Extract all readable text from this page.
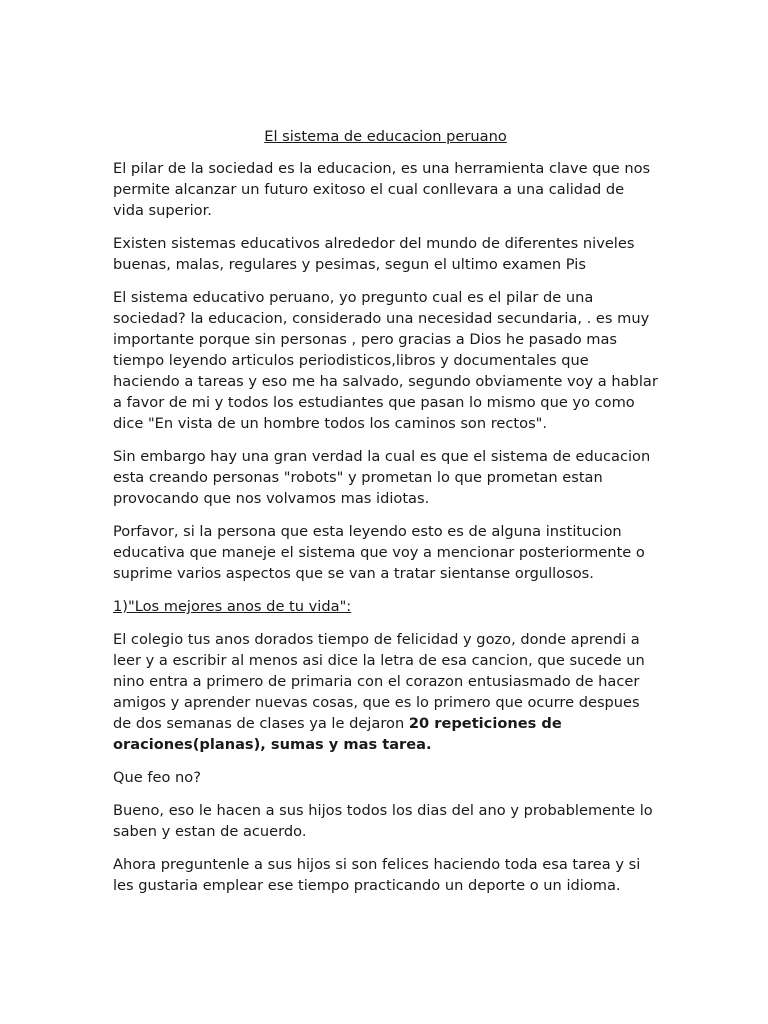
El sistema de educacion peruano

El pilar de la sociedad es la educacion, es una herramienta clave que nos permite alcanzar un futuro exitoso el cual conllevara a una calidad de vida superior.

Existen sistemas educativos alrededor del mundo de diferentes niveles buenas, malas, regulares y pesimas, segun el ultimo examen Pis

El sistema educativo peruano, yo pregunto cual es el pilar de una sociedad? la educacion, considerado una necesidad secundaria, . es muy importante porque sin personas , pero gracias a Dios he pasado mas tiempo leyendo articulos periodisticos,libros y documentales que haciendo a tareas y eso me ha salvado, segundo obviamente voy a hablar a favor de mi y todos los estudiantes que pasan lo mismo que yo como dice "En vista de un hombre todos los caminos son rectos".

Sin embargo hay una gran verdad la cual es que el sistema de educacion esta creando personas "robots" y prometan lo que prometan estan provocando que nos volvamos mas idiotas.

Porfavor, si la persona que esta leyendo esto es de alguna institucion educativa que maneje el sistema que voy a mencionar posteriormente o suprime varios aspectos que se van a tratar sientanse orgullosos.

1)"Los mejores anos de tu vida":

El colegio tus anos dorados tiempo de felicidad y gozo, donde aprendi a leer y a escribir al menos asi dice la letra de esa cancion, que sucede un nino entra a primero de primaria con el corazon entusiasmado de hacer amigos y aprender nuevas cosas, que es lo primero que ocurre despues de dos semanas de clases ya le dejaron 20 repeticiones de oraciones(planas), sumas y mas tarea.

Que feo no?

Bueno, eso le hacen a sus hijos todos los dias del ano y probablemente lo saben y estan de acuerdo.

Ahora preguntenle a sus hijos si son felices haciendo toda esa tarea y si les gustaria emplear ese tiempo practicando un deporte o un idioma.
